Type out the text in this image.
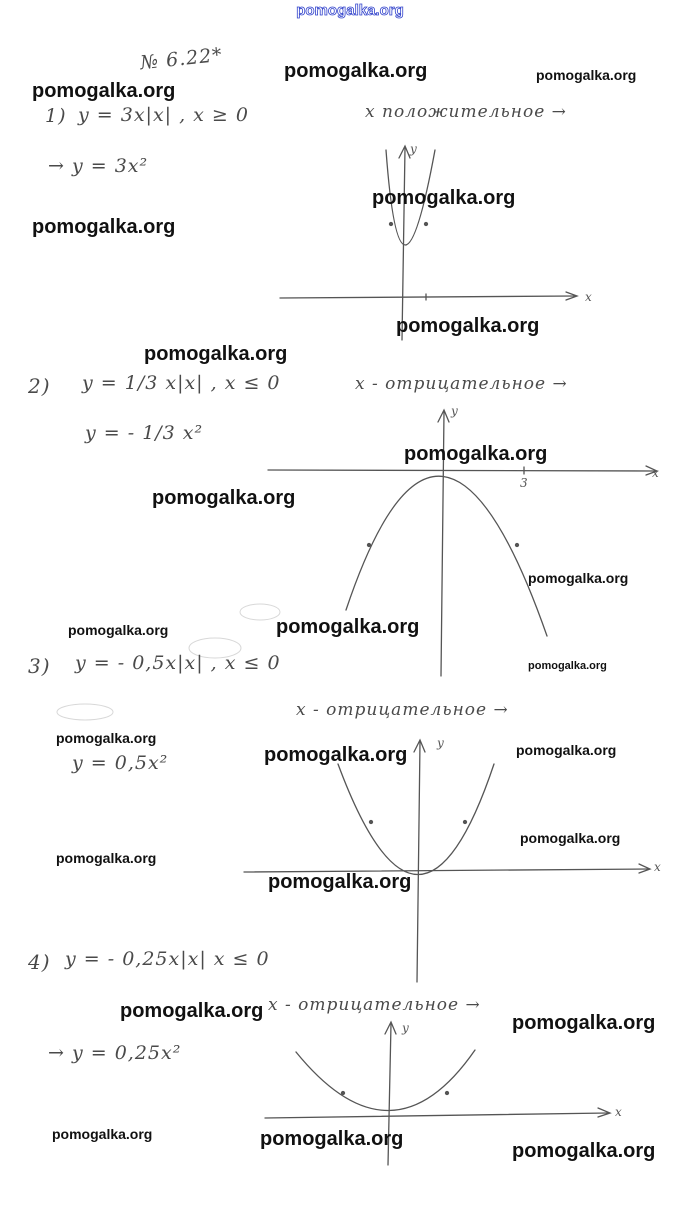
pomogalka.org
y
x
y
x
3
y
x
y
x
№ 6.22*
1) y = 3x|x| , x ≥ 0	x положительное →
→ y = 3x²
2) y = 1/3 x|x| , x ≤ 0	x - отрицательное →
y = - 1/3 x²
3) y = - 0,5x|x| , x ≤ 0
x - отрицательное →
y = 0,5x²
4) y = - 0,25x|x| x ≤ 0
x - отрицательное →
→ y = 0,25x²
pomogalka.org	pomogalka.org
pomogalka.org
pomogalka.org
pomogalka.org
pomogalka.org
pomogalka.org
pomogalka.org
pomogalka.org
pomogalka.org
pomogalka.org
pomogalka.org
pomogalka.org
pomogalka.org
pomogalka.org	pomogalka.org
pomogalka.org
pomogalka.org
pomogalka.org
pomogalka.org
pomogalka.org
pomogalka.org	pomogalka.org
pomogalka.org
